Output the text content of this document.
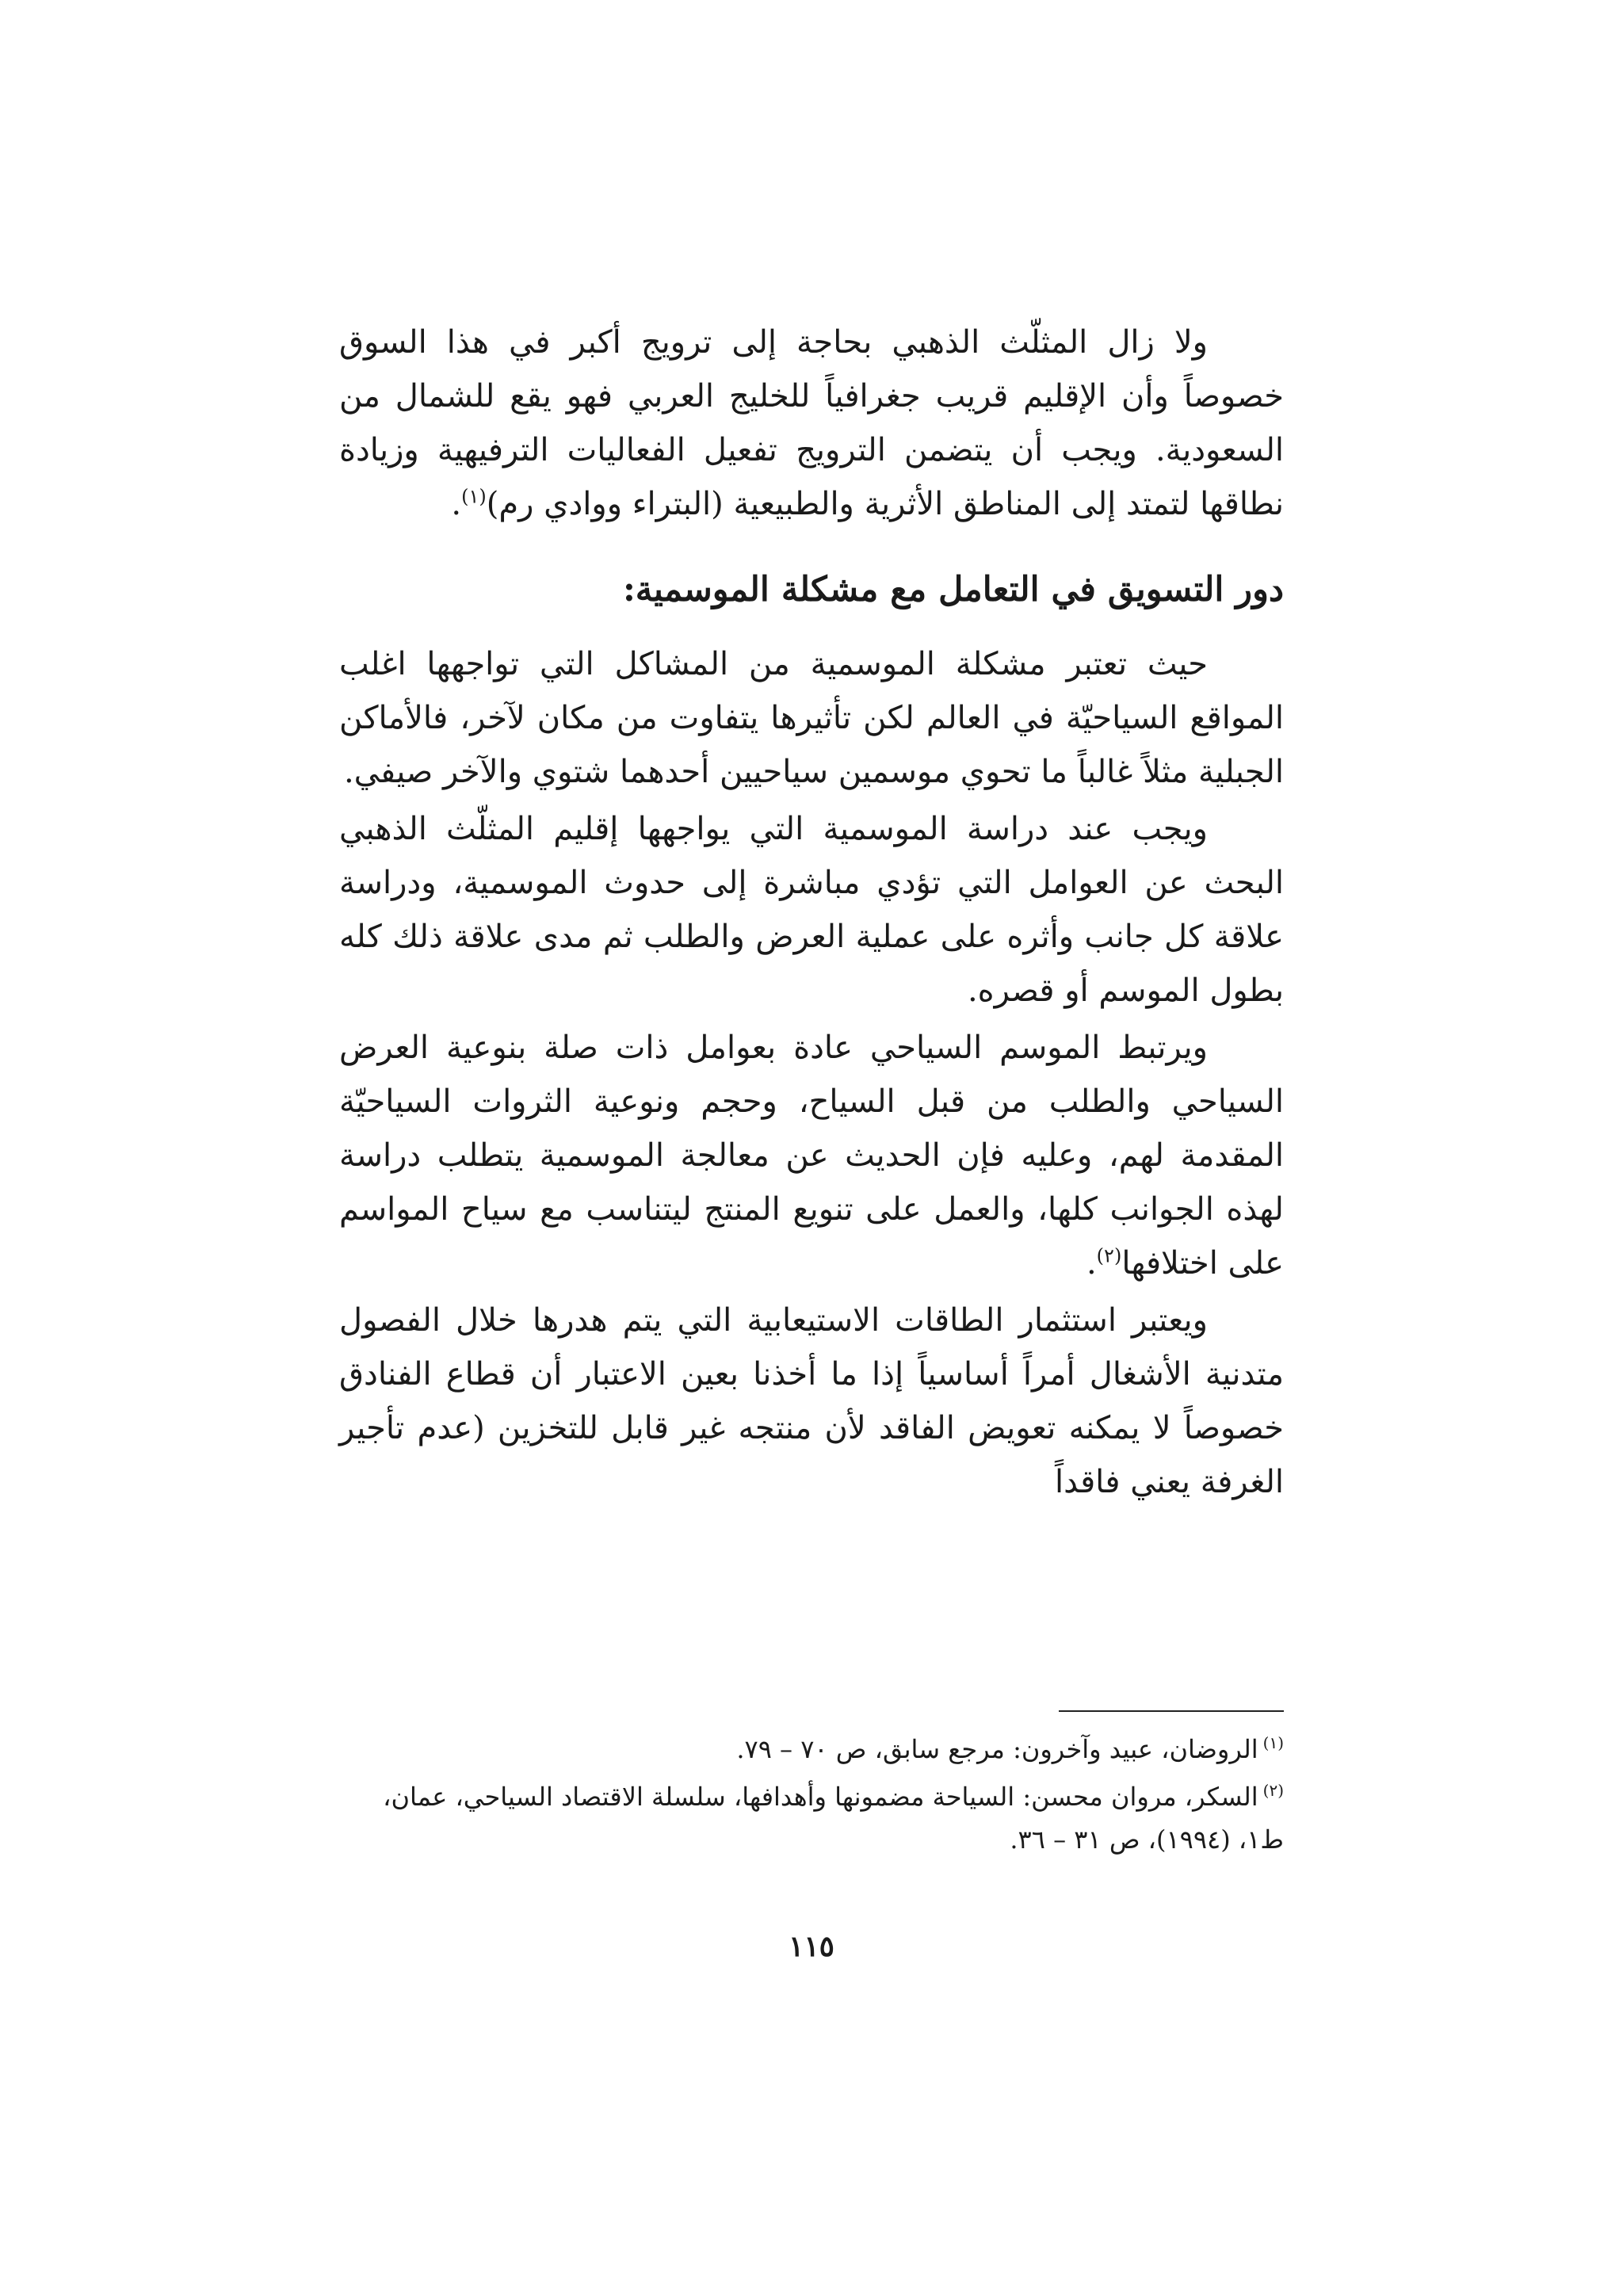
ولا زال المثلّث الذهبي بحاجة إلى ترويج أكبر في هذا السوق خصوصاً وأن الإقليم قريب جغرافياً للخليج العربي فهو يقع للشمال من السعودية. ويجب أن يتضمن الترويج تفعيل الفعاليات الترفيهية وزيادة نطاقها لتمتد إلى المناطق الأثرية والطبيعية (البتراء ووادي رم)$^{(١)}$.

دور التسويق في التعامل مع مشكلة الموسمية:

حيث تعتبر مشكلة الموسمية من المشاكل التي تواجهها اغلب المواقع السياحيّة في العالم لكن تأثيرها يتفاوت من مكان لآخر، فالأماكن الجبلية مثلاً غالباً ما تحوي موسمين سياحيين أحدهما شتوي والآخر صيفي.

ويجب عند دراسة الموسمية التي يواجهها إقليم المثلّث الذهبي البحث عن العوامل التي تؤدي مباشرة إلى حدوث الموسمية، ودراسة علاقة كل جانب وأثره على عملية العرض والطلب ثم مدى علاقة ذلك كله بطول الموسم أو قصره.

ويرتبط الموسم السياحي عادة بعوامل ذات صلة بنوعية العرض السياحي والطلب من قبل السياح، وحجم ونوعية الثروات السياحيّة المقدمة لهم، وعليه فإن الحديث عن معالجة الموسمية يتطلب دراسة لهذه الجوانب كلها، والعمل على تنويع المنتج ليتناسب مع سياح المواسم على اختلافها$^{(٢)}$.

ويعتبر استثمار الطاقات الاستيعابية التي يتم هدرها خلال الفصول متدنية الأشغال أمراً أساسياً إذا ما أخذنا بعين الاعتبار أن قطاع الفنادق خصوصاً لا يمكنه تعويض الفاقد لأن منتجه غير قابل للتخزين (عدم تأجير الغرفة يعني فاقداً

$^{(١)}$الروضان، عبيد وآخرون: مرجع سابق، ص ٧٠ – ٧٩.

$^{(٢)}$السكر، مروان محسن: السياحة مضمونها وأهدافها، سلسلة الاقتصاد السياحي، عمان، ط١، (١٩٩٤)، ص ٣١ – ٣٦.

١١٥
